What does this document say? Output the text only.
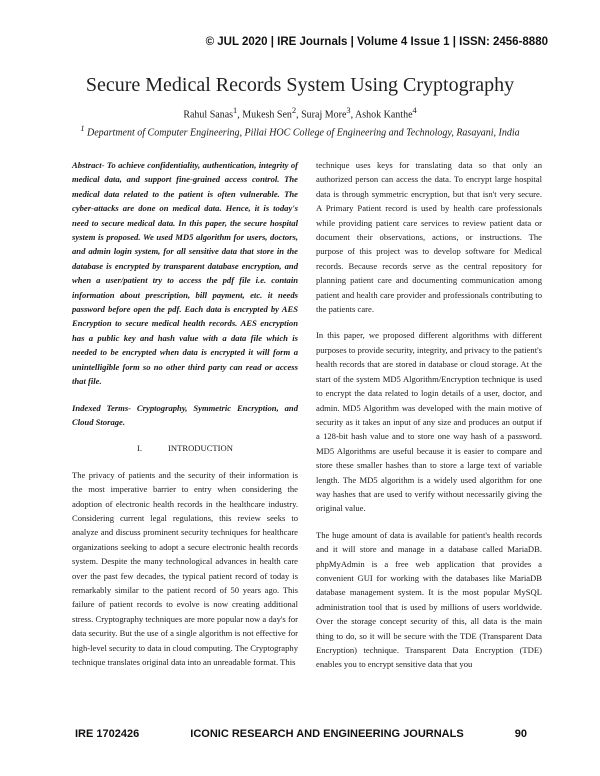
© JUL 2020 | IRE Journals | Volume 4 Issue 1 | ISSN: 2456-8880
Secure Medical Records System Using Cryptography
Rahul Sanas$^1$, Mukesh Sen$^2$, Suraj More$^3$, Ashok Kanthe$^4$
$^1$ Department of Computer Engineering, Pillai HOC College of Engineering and Technology, Rasayani, India

Abstract- To achieve confidentiality, authentication, integrity of medical data, and support fine-grained access control. The medical data related to the patient is often vulnerable. The cyber-attacks are done on medical data. Hence, it is today's need to secure medical data. In this paper, the secure hospital system is proposed. We used MD5 algorithm for users, doctors, and admin login system, for all sensitive data that store in the database is encrypted by transparent database encryption, and when a user/patient try to access the pdf file i.e. contain information about prescription, bill payment, etc. it needs password before open the pdf. Each data is encrypted by AES Encryption to secure medical health records. AES encryption has a public key and hash value with a data file which is needed to be encrypted when data is encrypted it will form a unintelligible form so no other third party can read or access that file.

Indexed Terms- Cryptography, Symmetric Encryption, and Cloud Storage.

I.	INTRODUCTION

The privacy of patients and the security of their information is the most imperative barrier to entry when considering the adoption of electronic health records in the healthcare industry. Considering current legal regulations, this review seeks to analyze and discuss prominent security techniques for healthcare organizations seeking to adopt a secure electronic health records system. Despite the many technological advances in health care over the past few decades, the typical patient record of today is remarkably similar to the patient record of 50 years ago. This failure of patient records to evolve is now creating additional stress. Cryptography techniques are more popular now a day's for data security. But the use of a single algorithm is not effective for high-level security to data in cloud computing. The Cryptography technique translates original data into an unreadable format. This

technique uses keys for translating data so that only an authorized person can access the data. To encrypt large hospital data is through symmetric encryption, but that isn't very secure. A Primary Patient record is used by health care professionals while providing patient care services to review patient data or document their observations, actions, or instructions. The purpose of this project was to develop software for Medical records. Because records serve as the central repository for planning patient care and documenting communication among patient and health care provider and professionals contributing to the patients care.

In this paper, we proposed different algorithms with different purposes to provide security, integrity, and privacy to the patient's health records that are stored in database or cloud storage. At the start of the system MD5 Algorithm/Encryption technique is used to encrypt the data related to login details of a user, doctor, and admin. MD5 Algorithm was developed with the main motive of security as it takes an input of any size and produces an output if a 128-bit hash value and to store one way hash of a password. MD5 Algorithms are useful because it is easier to compare and store these smaller hashes than to store a large text of variable length. The MD5 algorithm is a widely used algorithm for one way hashes that are used to verify without necessarily giving the original value.

The huge amount of data is available for patient's health records and it will store and manage in a database called MariaDB. phpMyAdmin is a free web application that provides a convenient GUI for working with the databases like MariaDB database management system. It is the most popular MySQL administration tool that is used by millions of users worldwide. Over the storage concept security of this, all data is the main thing to do, so it will be secure with the TDE (Transparent Data Encryption) technique. Transparent Data Encryption (TDE) enables you to encrypt sensitive data that you

IRE 1702426	ICONIC RESEARCH AND ENGINEERING JOURNALS	90
